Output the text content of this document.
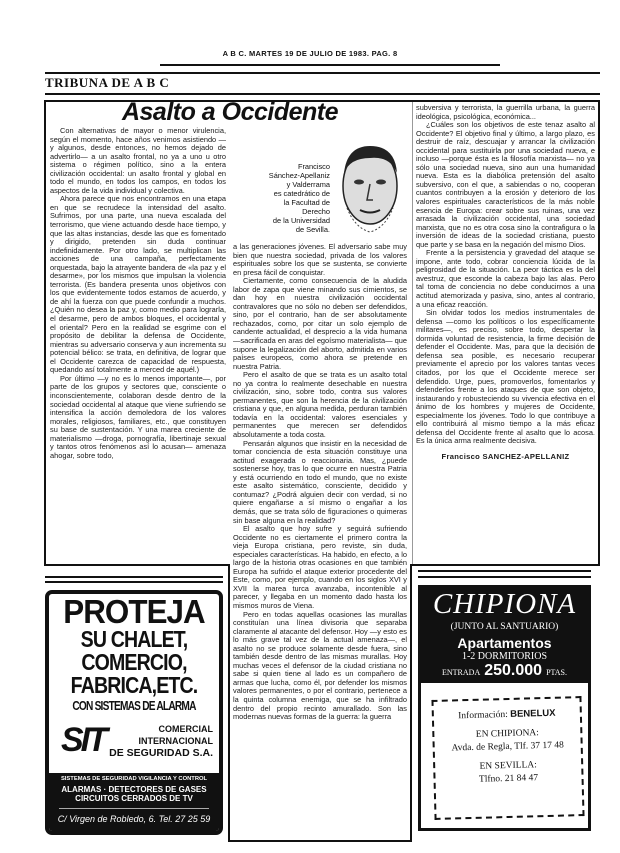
A B C. MARTES 19 DE JULIO DE 1983. PAG. 8
TRIBUNA DE A B C
Asalto a Occidente

Con alternativas de mayor o menor virulencia, según el momento, hace años venimos asistiendo —y algunos, desde entonces, no hemos dejado de advertirlo— a un asalto frontal, no ya a uno u otro sistema o régimen político, sino a la entera civilización occidental: un asalto frontal y global en todo el mundo, en todos los campos, en todos los aspectos de la vida individual y colectiva.

Ahora parece que nos encontramos en una etapa en que se recrudece la intensidad del asalto. Sufrimos, por una parte, una nueva escalada del terrorismo, que viene actuando desde hace tiempo, y que las altas instancias, desde las que es fomentado y dirigido, pretenden sin duda continuar indefinidamente. Por otro lado, se multiplican las acciones de una campaña, perfectamente orquestada, bajo la atrayente bandera de «la paz y el desarme», por los mismos que impulsan la violencia terrorista. (Es bandera presenta unos objetivos con los que evidentemente todos estamos de acuerdo, y de ahí la fuerza con que puede confundir a muchos. ¿Quién no desea la paz y, como medio para lograrla, el desarme, pero de ambos bloques, el occidental y el oriental? Pero en la realidad se esgrime con el propósito de debilitar la defensa de Occidente, mientras su adversario conserva y aun incrementa su potencial bélico: se trata, en definitiva, de lograr que el Occidente carezca de capacidad de respuesta, quedando así totalmente a merced de aquél.)

Por último —y no es lo menos importante—, por parte de los grupos y sectores que, consciente o inconscientemente, colaboran desde dentro de la sociedad occidental al ataque que viene sufriendo se intensifica la acción demoledora de los valores morales, religiosos, familiares, etc., que constituyen su base de sustentación. Y una marea creciente de materialismo —droga, pornografía, libertinaje sexual y tantos otros fenómenos así lo acusan— amenaza ahogar, sobre todo,

Francisco
Sánchez-Apellaniz
y Valderrama
es catedrático de
la Facultad de
Derecho
de la Universidad
de Sevilla.

a las generaciones jóvenes. El adversario sabe muy bien que nuestra sociedad, privada de los valores espirituales sobre los que se sustenta, se convierte en presa fácil de conquistar.

Ciertamente, como consecuencia de la aludida labor de zapa que viene minando sus cimientos, se dan hoy en nuestra civilización occidental contravalores que no sólo no deben ser defendidos, sino, por el contrario, han de ser absolutamente rechazados, como, por citar un solo ejemplo de candente actualidad, el desprecio a la vida humana —sacrificada en aras del egoísmo materialista— que supone la legalización del aborto, admitida en varios países europeos, como ahora se pretende en nuestra Patria.

Pero el asalto de que se trata es un asalto total no ya contra lo realmente desechable en nuestra civilización, sino, sobre todo, contra sus valores permanentes, que son la herencia de la civilización cristiana y que, en alguna medida, perduran también todavía en la occidental: valores esenciales y permanentes que merecen ser defendidos absolutamente a toda costa.

Pensarán algunos que insistir en la necesidad de tomar conciencia de esta situación constituye una actitud exagerada o reaccionaria. Mas, ¿puede sostenerse hoy, tras lo que ocurre en nuestra Patria y está ocurriendo en todo el mundo, que no existe este asalto sistemático, consciente, decidido y contumaz? ¿Podrá alguien decir con verdad, si no quiere engañarse a sí mismo o engañar a los demás, que se trata sólo de figuraciones o quimeras sin base alguna en la realidad?

El asalto que hoy sufre y seguirá sufriendo Occidente no es ciertamente el primero contra la vieja Europa cristiana, pero reviste, sin duda, especiales características. Ha habido, en efecto, a lo largo de la historia otras ocasiones en que también Europa ha sufrido el ataque exterior procedente del Este, como, por ejemplo, cuando en los siglos XVI y XVII la marea turca avanzaba, incontenible al parecer, y llegaba en un momento dado hasta los mismos muros de Viena.

Pero en todas aquellas ocasiones las murallas constituían una línea divisoria que separaba claramente al atacante del defensor. Hoy —y esto es lo más grave tal vez de la actual amenaza—, el asalto no se produce solamente desde fuera, sino también desde dentro de las mismas murallas. Hoy muchas veces el defensor de la ciudad cristiana no sabe si quien tiene al lado es un compañero de armas que lucha, como él, por defender los mismos valores permanentes, o por el contrario, pertenece a la quinta columna enemiga, que se ha infiltrado dentro del propio recinto amurallado. Son las modernas nuevas formas de la guerra: la guerra

subversiva y terrorista, la guerrilla urbana, la guerra ideológica, psicológica, económica...

¿Cuáles son los objetivos de este tenaz asalto al Occidente? El objetivo final y último, a largo plazo, es destruir de raíz, descuajar y arrancar la civilización occidental para sustituirla por una sociedad nueva, e incluso —porque ésta es la filosofía marxista— no ya sólo una sociedad nueva, sino aun una humanidad nueva. Esta es la diabólica pretensión del asalto subversivo, con el que, a sabiendas o no, cooperan cuantos contribuyen a la erosión y deterioro de los valores espirituales característicos de la más noble esencia de Europa: crear sobre sus ruinas, una vez arrasada la civilización occidental, una sociedad marxista, que no es otra cosa sino la contrafigura o la inversión de ideas de la sociedad cristiana, puesto que parte y se basa en la negación del mismo Dios.

Frente a la persistencia y gravedad del ataque se impone, ante todo, cobrar conciencia lúcida de la peligrosidad de la situación. La peor táctica es la del avestruz, que esconde la cabeza bajo las alas. Pero tal toma de conciencia no debe conducirnos a una actitud atemorizada y pasiva, sino, antes al contrario, a una eficaz reacción.

Sin olvidar todos los medios instrumentales de defensa —como los políticos o los específicamente militares—, es preciso, sobre todo, despertar la dormida voluntad de resistencia, la firme decisión de defender el Occidente. Mas, para que la decisión de defensa sea posible, es necesario recuperar previamente el aprecio por los valores tantas veces citados, por los que el Occidente merece ser defendido. Urge, pues, promoverlos, fomentarlos y defenderlos frente a los ataques de que son objeto, instaurando y robusteciendo su vivencia efectiva en el ánimo de los hombres y mujeres de Occidente, especialmente los jóvenes. Todo lo que contribuye a ello contribuirá al mismo tiempo a la más eficaz defensa del Occidente frente al asalto que lo acosa. Es la única arma realmente decisiva.

Francisco SANCHEZ-APELLANIZ

PROTEJA
SU CHALET,
COMERCIO,
FABRICA,ETC.
CON SISTEMAS DE ALARMA
SIT	COMERCIAL
INTERNACIONAL
DE SEGURIDAD S.A.
SISTEMAS DE SEGURIDAD VIGILANCIA Y CONTROL
ALARMAS · DETECTORES DE GASES
CIRCUITOS CERRADOS DE TV
C/ Virgen de Robledo, 6. Tel. 27 25 59
CHIPIONA
(JUNTO AL SANTUARIO)
Apartamentos
1-2 DORMITORIOS
ENTRADA 250.000 PTAS.
Información: BENELUX
EN CHIPIONA:
Avda. de Regla, Tlf. 37 17 48
EN SEVILLA:
Tlfno. 21 84 47
